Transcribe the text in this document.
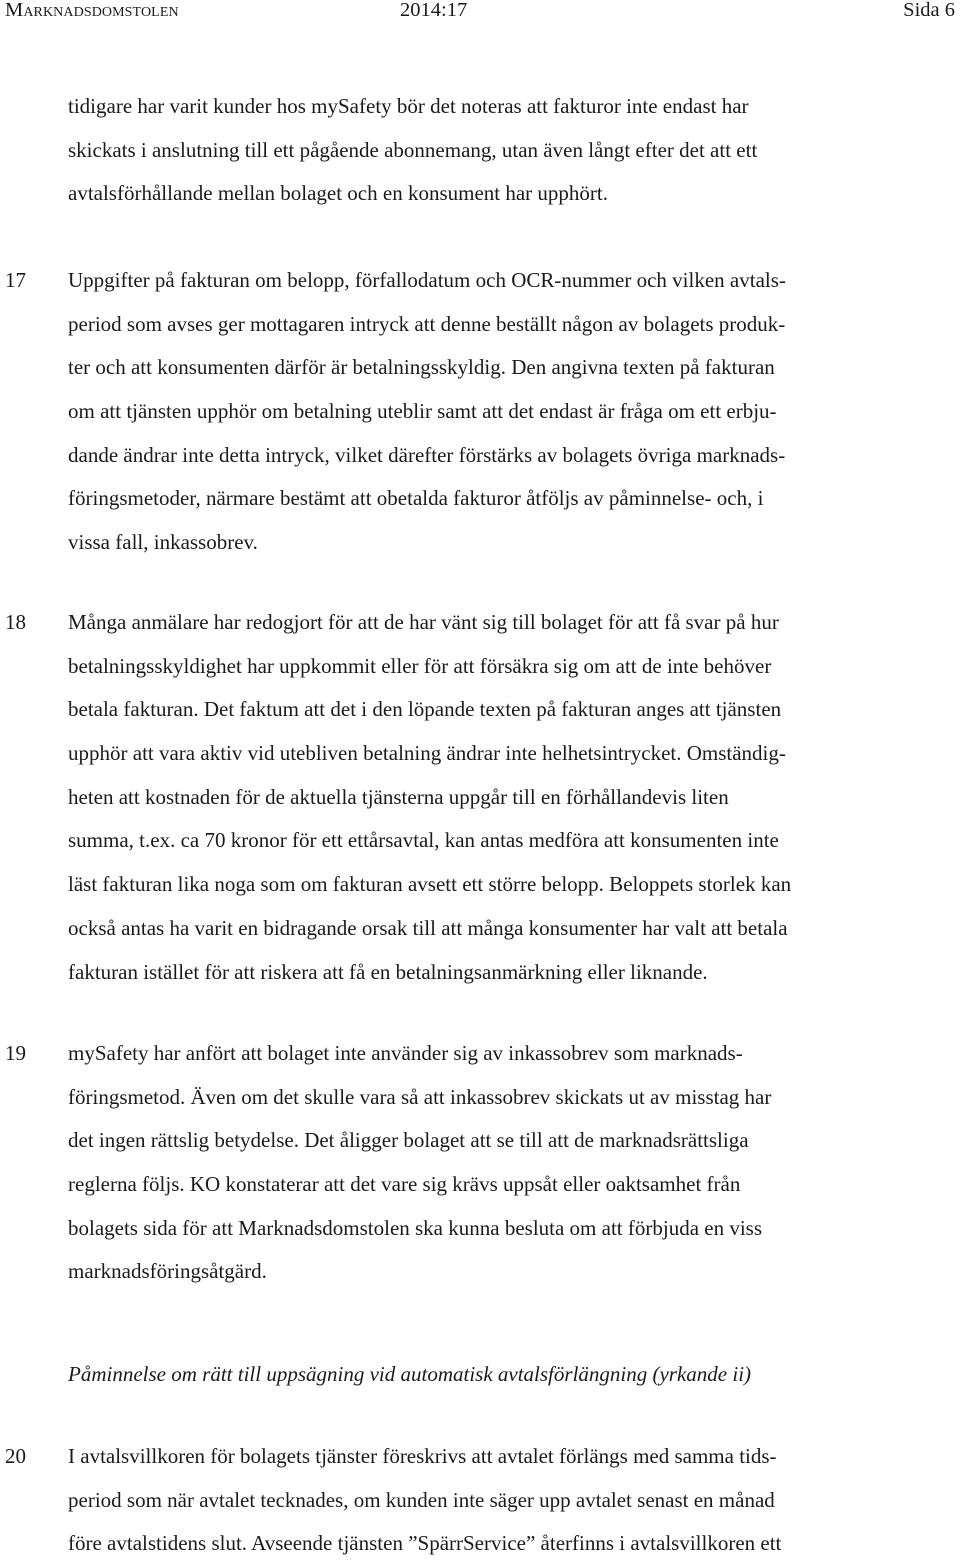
Marknadsdomstolen	2014:17	Sida 6
tidigare har varit kunder hos mySafety bör det noteras att fakturor inte endast har
skickats i anslutning till ett pågående abonnemang, utan även långt efter det att ett
avtalsförhållande mellan bolaget och en konsument har upphört.
17 Uppgifter på fakturan om belopp, förfallodatum och OCR-nummer och vilken avtals-
period som avses ger mottagaren intryck att denne beställt någon av bolagets produk-
ter och att konsumenten därför är betalningsskyldig. Den angivna texten på fakturan
om att tjänsten upphör om betalning uteblir samt att det endast är fråga om ett erbju-
dande ändrar inte detta intryck, vilket därefter förstärks av bolagets övriga marknads-
föringsmetoder, närmare bestämt att obetalda fakturor åtföljs av påminnelse- och, i
vissa fall, inkassobrev.
18 Många anmälare har redogjort för att de har vänt sig till bolaget för att få svar på hur
betalningsskyldighet har uppkommit eller för att försäkra sig om att de inte behöver
betala fakturan. Det faktum att det i den löpande texten på fakturan anges att tjänsten
upphör att vara aktiv vid utebliven betalning ändrar inte helhetsintrycket. Omständig-
heten att kostnaden för de aktuella tjänsterna uppgår till en förhållandevis liten
summa, t.ex. ca 70 kronor för ett ettårsavtal, kan antas medföra att konsumenten inte
läst fakturan lika noga som om fakturan avsett ett större belopp. Beloppets storlek kan
också antas ha varit en bidragande orsak till att många konsumenter har valt att betala
fakturan istället för att riskera att få en betalningsanmärkning eller liknande.
19 mySafety har anfört att bolaget inte använder sig av inkassobrev som marknads-
föringsmetod. Även om det skulle vara så att inkassobrev skickats ut av misstag har
det ingen rättslig betydelse. Det åligger bolaget att se till att de marknadsrättsliga
reglerna följs. KO konstaterar att det vare sig krävs uppsåt eller oaktsamhet från
bolagets sida för att Marknadsdomstolen ska kunna besluta om att förbjuda en viss
marknadsföringsåtgärd.
Påminnelse om rätt till uppsägning vid automatisk avtalsförlängning (yrkande ii)
20 I avtalsvillkoren för bolagets tjänster föreskrivs att avtalet förlängs med samma tids-
period som när avtalet tecknades, om kunden inte säger upp avtalet senast en månad
före avtalstidens slut. Avseende tjänsten ”SpärrService” återfinns i avtalsvillkoren ett
